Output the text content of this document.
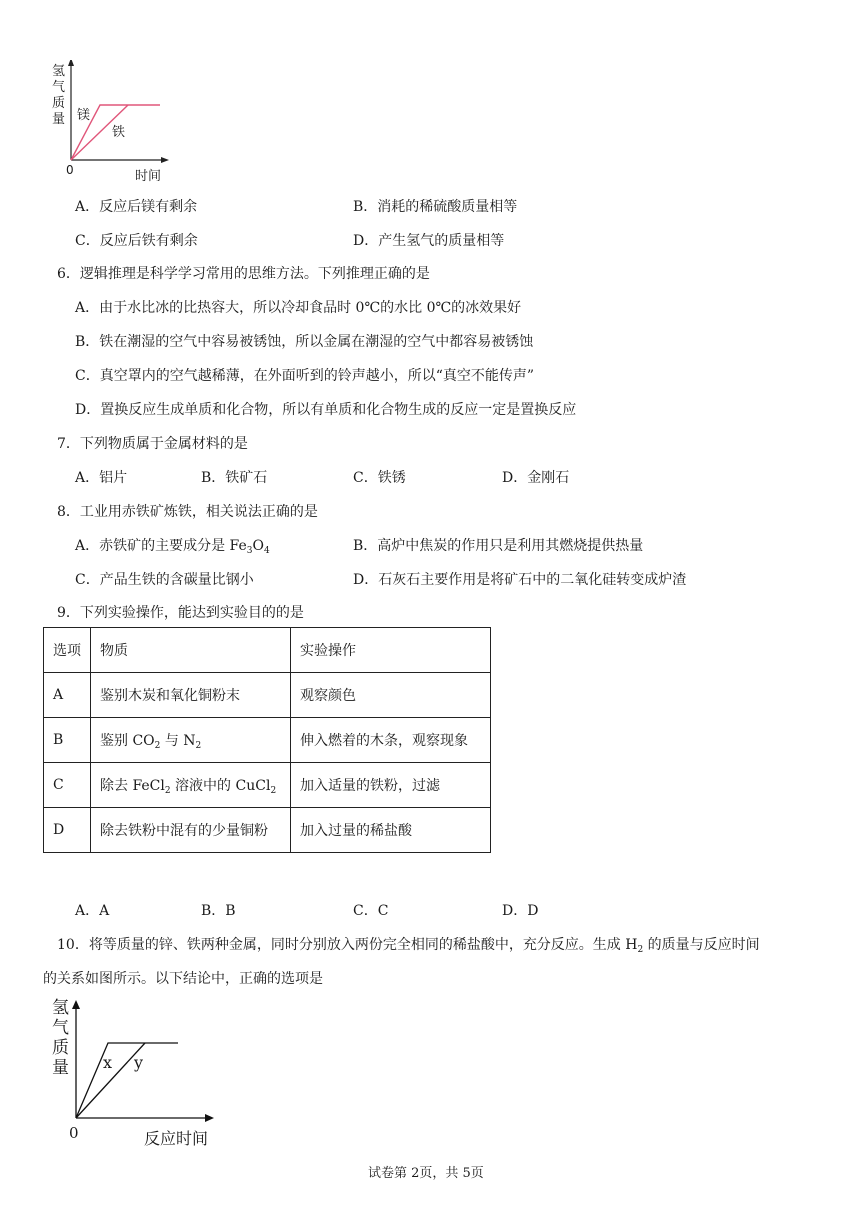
氢
气
质
量 镁
铁
0	时间
A．反应后镁有剩余	B．消耗的稀硫酸质量相等
C．反应后铁有剩余	D．产生氢气的质量相等
6．逻辑推理是科学学习常用的思维方法。下列推理正确的是
A．由于水比冰的比热容大，所以冷却食品时 0℃的水比 0℃的冰效果好
B．铁在潮湿的空气中容易被锈蚀，所以金属在潮湿的空气中都容易被锈蚀
C．真空罩内的空气越稀薄，在外面听到的铃声越小，所以“真空不能传声”
D．置换反应生成单质和化合物，所以有单质和化合物生成的反应一定是置换反应
7．下列物质属于金属材料的是
A．铝片	B．铁矿石	C．铁锈	D．金刚石
8．工业用赤铁矿炼铁，相关说法正确的是
A．赤铁矿的主要成分是 $Fe_3O_4$	B．高炉中焦炭的作用只是利用其燃烧提供热量
C．产品生铁的含碳量比钢小	D．石灰石主要作用是将矿石中的二氧化硅转变成炉渣
9．下列实验操作，能达到实验目的的是
选项	物质	实验操作
A	鉴别木炭和氧化铜粉末	观察颜色
B	鉴别 $CO_2$ 与 $N_2$	伸入燃着的木条，观察现象
C	除去 FeCl$_2$ 溶液中的 CuCl$_2$	加入适量的铁粉，过滤
D	除去铁粉中混有的少量铜粉	加入过量的稀盐酸
A．A	B．B	C．C	D．D
10．将等质量的锌、铁两种金属，同时分别放入两份完全相同的稀盐酸中，充分反应。生成 $H_2$ 的质量与反应时间
的关系如图所示。以下结论中，正确的选项是
氢
气
质
量 x y
0	反应时间
试卷第 2页，共 5页
